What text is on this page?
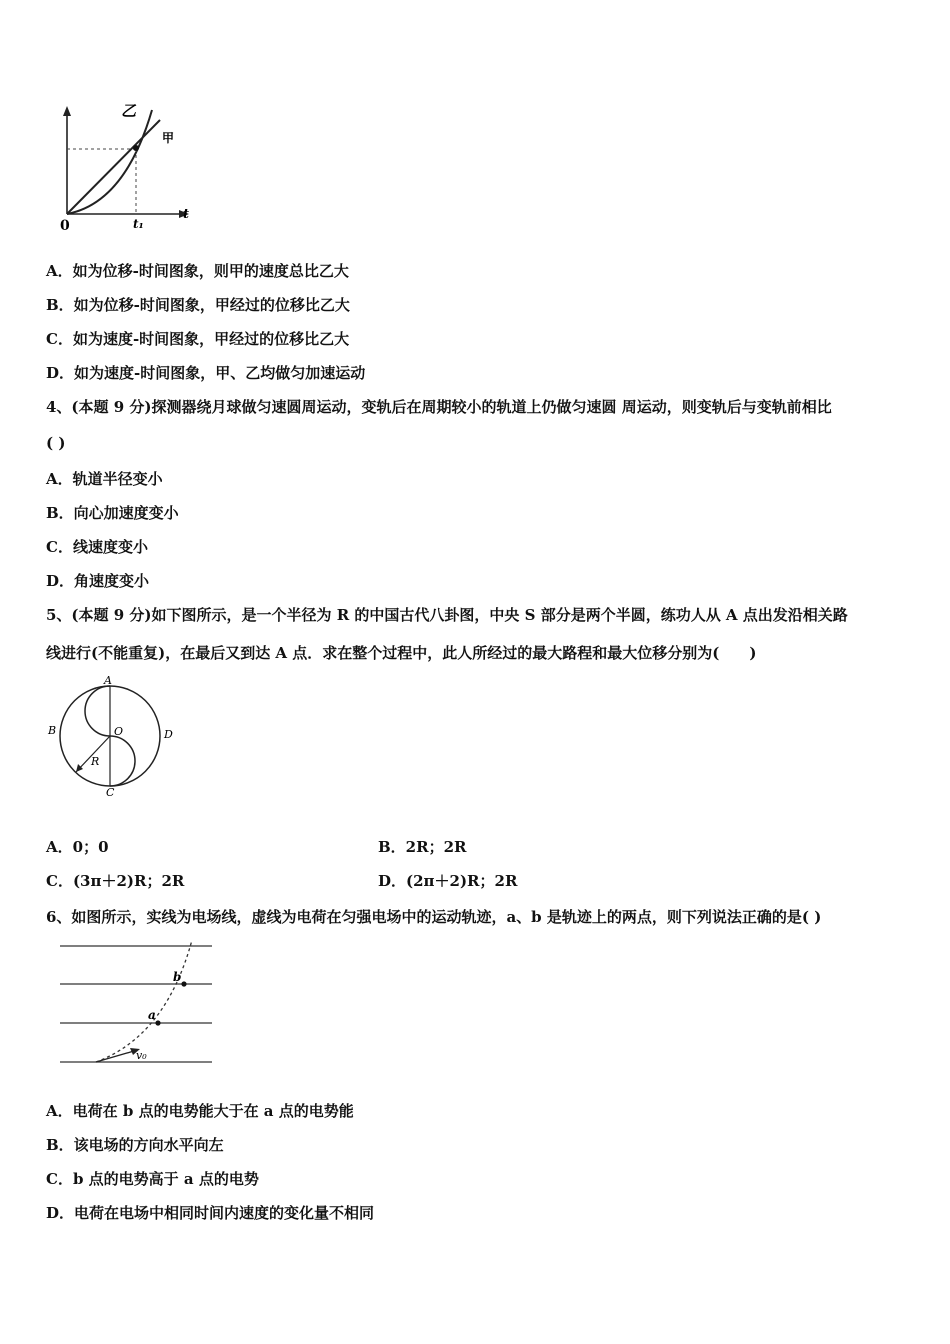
乙
甲
0
t
t₁
A．如为位移-时间图象，则甲的速度总比乙大
B．如为位移-时间图象，甲经过的位移比乙大
C．如为速度-时间图象，甲经过的位移比乙大
D．如为速度-时间图象，甲、乙均做匀加速运动
4、(本题 9 分)探测器绕月球做匀速圆周运动，变轨后在周期较小的轨道上仍做匀速圆 周运动，则变轨后与变轨前相比
( )
A．轨道半径变小
B．向心加速度变小
C．线速度变小
D．角速度变小
5、(本题 9 分)如下图所示，是一个半径为 R 的中国古代八卦图，中央 S 部分是两个半圆，练功人从 A 点出发沿相关路
线进行(不能重复)，在最后又到达 A 点．求在整个过程中，此人所经过的最大路程和最大位移分别为(　　)
A
B
C
D
O
R
A．0；0	B．2R；2R
C．(3π＋2)R；2R	D．(2π＋2)R；2R
6、如图所示，实线为电场线，虚线为电荷在匀强电场中的运动轨迹，a、b 是轨迹上的两点，则下列说法正确的是( )
a
b
v₀
A．电荷在 b 点的电势能大于在 a 点的电势能
B．该电场的方向水平向左
C．b 点的电势高于 a 点的电势
D．电荷在电场中相同时间内速度的变化量不相同
